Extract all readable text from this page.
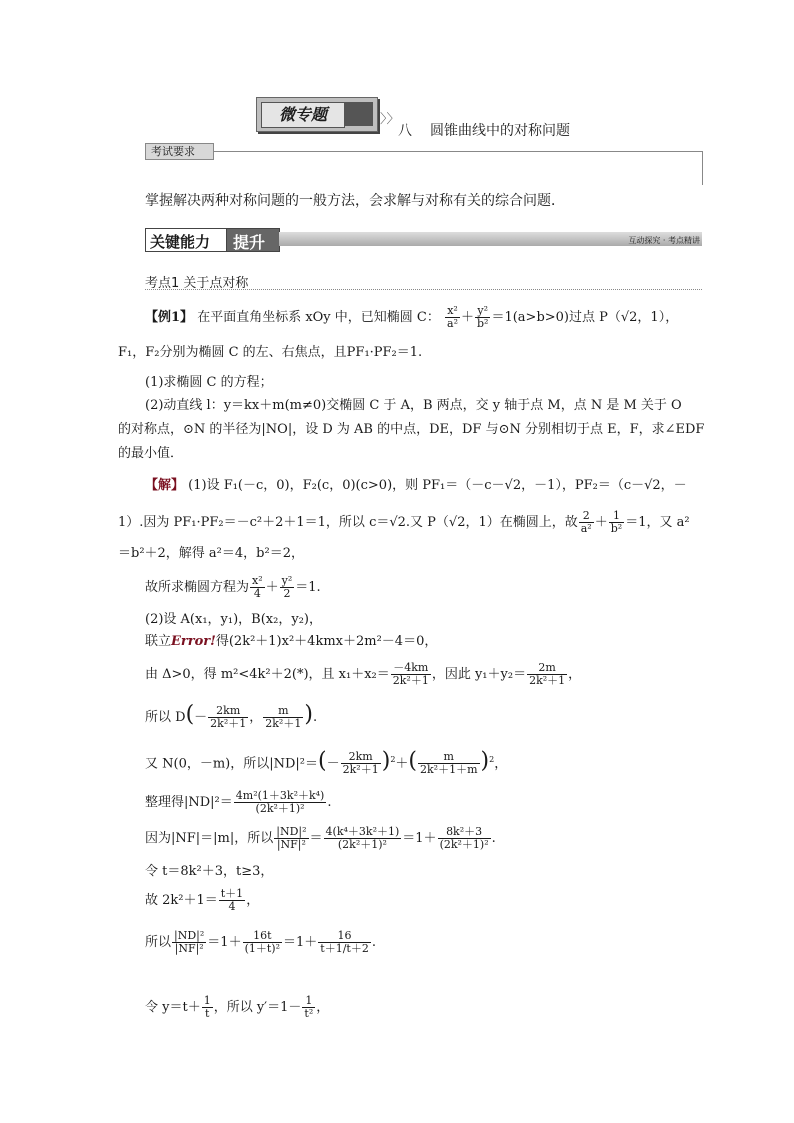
微专题	〉〉
八 圆锥曲线中的对称问题
考试要求
掌握解决两种对称问题的一般方法，会求解与对称有关的综合问题．
关键能力 提升	互动探究 · 考点精讲
考点1 关于点对称
【例1】 在平面直角坐标系 xOy 中，已知椭圆 C： $\frac{\text{x²}}{\text{a²}} + \frac{\text{y²}}{\text{b²}} =1(a>b>0)$过点 P（√2，1），
F₁，F₂分别为椭圆 C 的左、右焦点，且PF₁·PF₂＝1.
(1)求椭圆 C 的方程；
(2)动直线 l：y＝kx＋m(m≠0)交椭圆 C 于 A，B 两点，交 y 轴于点 M，点 N 是 M 关于 O
的对称点，⊙N 的半径为|NO|，设 D 为 AB 的中点，DE，DF 与⊙N 分别相切于点 E，F，求∠EDF
的最小值．
【解】 (1)设 F₁(－c，0)，F₂(c，0)(c>0)，则 PF₁＝（－c－√2，－1），PF₂＝（c－√2，－
1）.因为 PF₁·PF₂＝－c²＋2＋1＝1，所以 c＝√2.又 P（√2，1）在椭圆上，故 $\frac{2}{\text{a²}} + \frac{1}{\text{b²}} =1$，又 a²
＝b²＋2，解得 a²＝4，b²＝2，
故所求椭圆方程为 $\frac{\text{x²}}{4} + \frac{\text{y²}}{2} =1$.
(2)设 A(x₁，y₁)，B(x₂，y₂)，
联立Error!得(2k²＋1)x²＋4kmx＋2m²－4＝0，
由 Δ>0，得 m²<4k²＋2(*)，且 $x_1+x_2= \frac{-4km}{\text{2k²＋1}}$ ，因此 $y_1+y_2= \frac{2m}{\text{2k²＋1}}$ ，
所以 $D(- \frac{2km}{\text{2k²＋1}}$ ， $\frac{m}{\text{2k²＋1}}$ ).
又 N(0，－m)，所以$|ND|^2=(- \frac{2km}{\text{2k²＋1}} )^2+( \frac{m}{\text{2k²＋1＋m}} )^2$，
整理得$|ND|^2= \frac{\text{4m²(1＋3k²＋k⁴)}}{\text{(2k²＋1)²}}$ .
因为|NF|＝|m|，所以 $\frac{\text{|ND|²}}{\text{|NF|²}} = \frac{\text{4(k⁴＋3k²＋1)}}{\text{(2k²＋1)²}} =1+ \frac{\text{8k²＋3}}{\text{(2k²＋1)²}}$ .
令 t＝8k²＋3，t≥3，
故 $2k^2+1= \frac{t+1}{4}$ ，
所以 $\frac{\text{|ND|²}}{\text{|NF|²}} =1+ \frac{16t}{\text{(1＋t)²}} =1+ \frac{16}{t+1/t+2}$ .
令 $y=t+ \frac{1}{t}$ ，所以 $y'=1- \frac{1}{\text{t²}}$ ，
